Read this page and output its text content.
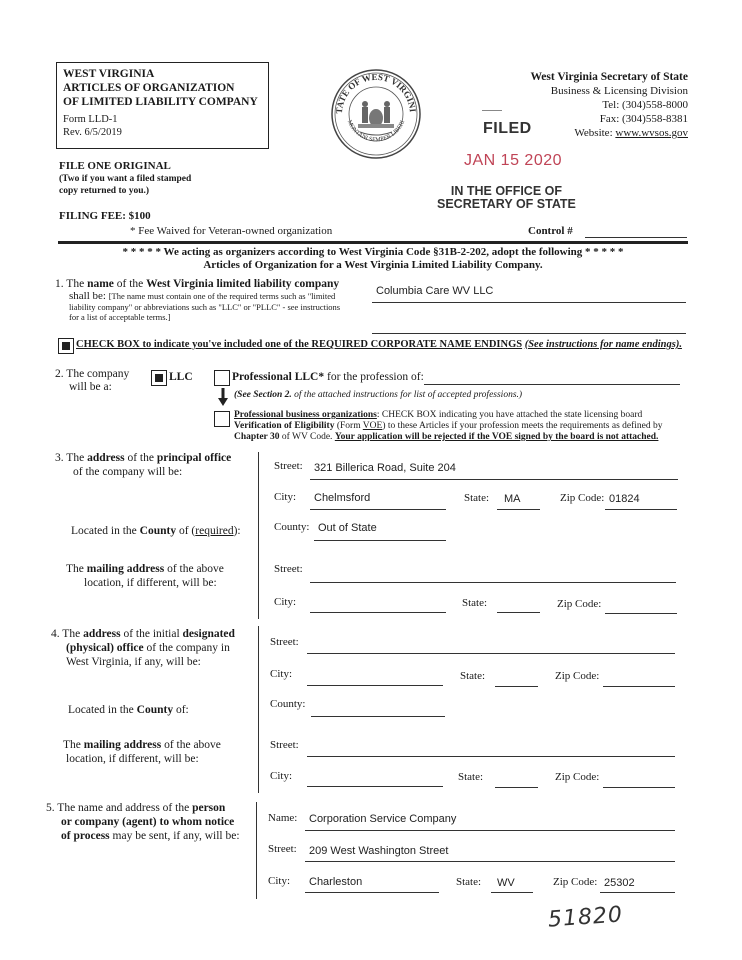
WEST VIRGINIA
ARTICLES OF ORGANIZATION
OF LIMITED LIABILITY COMPANY
Form LLD-1
Rev. 6/5/2019
TATE OF WEST VIRGINI
MONTANI SEMPER LIBERI
West Virginia Secretary of State
Business & Licensing Division
Tel: (304)558-8000
Fax: (304)558-8381
Website: www.wvsos.gov
FILED
JAN 15 2020
IN THE OFFICE OF
SECRETARY OF STATE
FILE ONE ORIGINAL
(Two if you want a filed stamped
copy returned to you.)
FILING FEE: $100
* Fee Waived for Veteran-owned organization	Control #
* * * * * We acting as organizers according to West Virginia Code §31B-2-202, adopt the following * * * * *
Articles of Organization for a West Virginia Limited Liability Company.
1. The name of the West Virginia limited liability company
shall be: [The name must contain one of the required terms such as "limited
liability company" or abbreviations such as "LLC" or "PLLC" - see instructions
for a list of acceptable terms.]
Columbia Care WV LLC
CHECK BOX to indicate you've included one of the REQUIRED CORPORATE NAME ENDINGS (See instructions for name endings).
2. The company
will be a:
LLC	Professional LLC* for the profession of:
(See Section 2. of the attached instructions for list of accepted professions.)
Professional business organizations: CHECK BOX indicating you have attached the state licensing board
Verification of Eligibility (Form VOE) to these Articles if your profession meets the requirements as defined by
Chapter 30 of WV Code. Your application will be rejected if the VOE signed by the board is not attached.
3. The address of the principal office
of the company will be:	Street: 321 Billerica Road, Suite 204
City: Chelmsford	State: MA	Zip Code: 01824
Located in the County of (required):	County: Out of State
The mailing address of the above
location, if different, will be:
Street:
City:	State:	Zip Code:
4. The address of the initial designated
(physical) office of the company in
West Virginia, if any, will be:
Street:
City:	State:	Zip Code:
Located in the County of:	County:
The mailing address of the above
location, if different, will be:
Street:
City:	State:	Zip Code:
5. The name and address of the person
or company (agent) to whom notice
of process may be sent, if any, will be:
Name: Corporation Service Company
Street: 209 West Washington Street
City: Charleston	State: WV	Zip Code: 25302
51820
